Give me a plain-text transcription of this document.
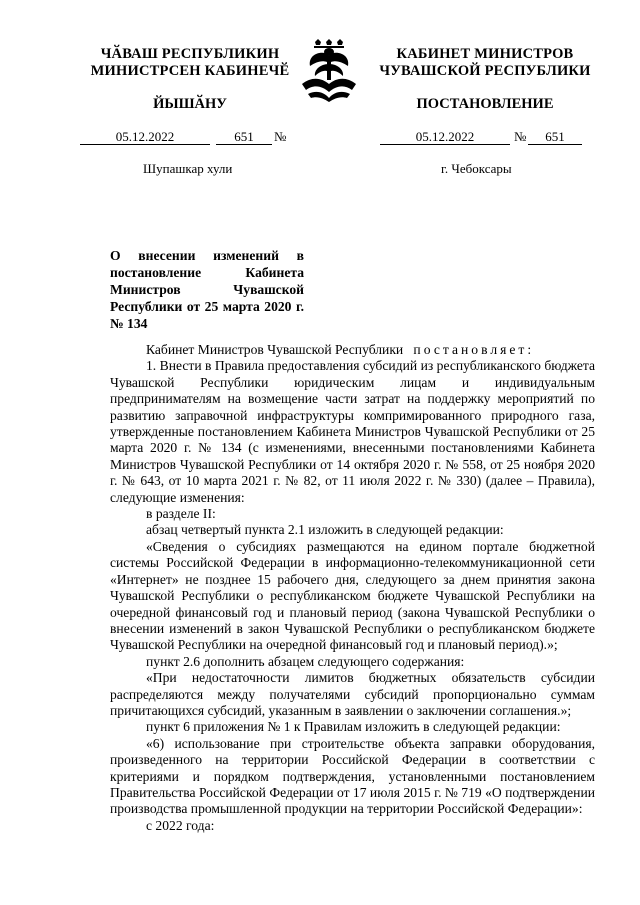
ЧӐВАШ РЕСПУБЛИКИН
МИНИСТРСЕН КАБИНЕЧӖ
ЙЫШӐНУ
КАБИНЕТ МИНИСТРОВ
ЧУВАШСКОЙ РЕСПУБЛИКИ
ПОСТАНОВЛЕНИЕ
05.12.2022	651	№	05.12.2022	№	651
Шупашкар хули	г. Чебоксары
О внесении изменений в постановление Кабинета Министров Чувашской Республики от 25 марта 2020 г. № 134

Кабинет Министров Чувашской Республики постановляет:

1. Внести в Правила предоставления субсидий из республиканского бюджета Чувашской Республики юридическим лицам и индивидуальным предпринимателям на возмещение части затрат на поддержку мероприятий по развитию заправочной инфраструктуры компримированного природного газа, утвержденные постановлением Кабинета Министров Чувашской Республики от 25 марта 2020 г. № 134 (с изменениями, внесенными постановлениями Кабинета Министров Чувашской Республики от 14 октября 2020 г. № 558, от 25 ноября 2020 г. № 643, от 10 марта 2021 г. № 82, от 11 июля 2022 г. № 330) (далее – Правила), следующие изменения:

в разделе II:

абзац четвертый пункта 2.1 изложить в следующей редакции:

«Сведения о субсидиях размещаются на едином портале бюджетной системы Российской Федерации в информационно-телекоммуникационной сети «Интернет» не позднее 15 рабочего дня, следующего за днем принятия закона Чувашской Республики о республиканском бюджете Чувашской Республики на очередной финансовый год и плановый период (закона Чувашской Республики о внесении изменений в закон Чувашской Республики о республиканском бюджете Чувашской Республики на очередной финансовый год и плановый период).»;

пункт 2.6 дополнить абзацем следующего содержания:

«При недостаточности лимитов бюджетных обязательств субсидии распределяются между получателями субсидий пропорционально суммам причитающихся субсидий, указанным в заявлении о заключении соглашения.»;

пункт 6 приложения № 1 к Правилам изложить в следующей редакции:

«6) использование при строительстве объекта заправки оборудования, произведенного на территории Российской Федерации в соответствии с критериями и порядком подтверждения, установленными постановлением Правительства Российской Федерации от 17 июля 2015 г. № 719 «О подтверждении производства промышленной продукции на территории Российской Федерации»:

с 2022 года:
